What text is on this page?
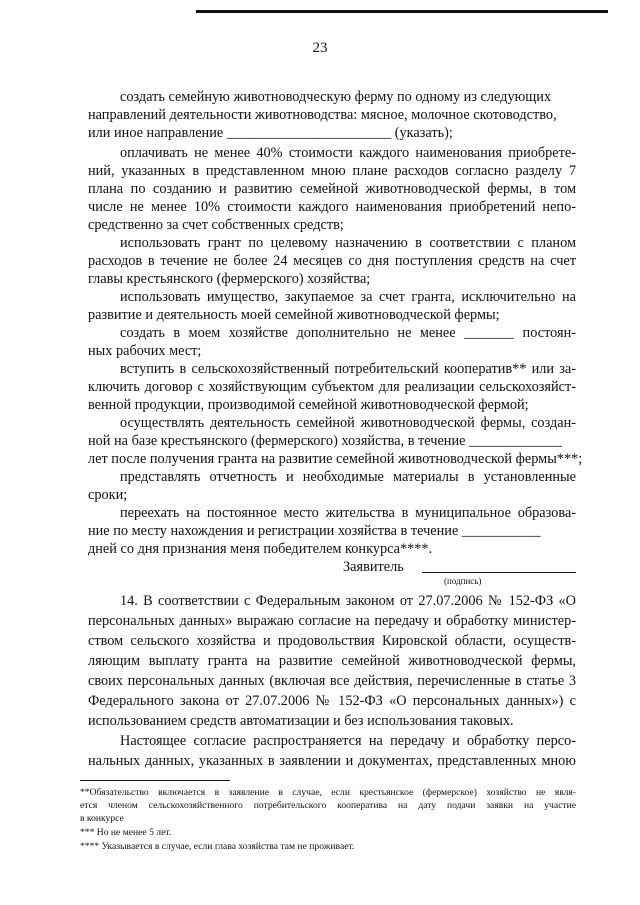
23

создать семейную животноводческую ферму по одному из следующих

направлений деятельности животноводства: мясное, молочное скотоводство,

или иное направление _______________________ (указать);

оплачивать не менее 40% стоимости каждого наименования приобрете-

ний, указанных в представленном мною плане расходов согласно разделу 7

плана по созданию и развитию семейной животноводческой фермы, в том

числе не менее 10% стоимости каждого наименования приобретений непо-

средственно за счет собственных средств;

использовать грант по целевому назначению в соответствии с планом

расходов в течение не более 24 месяцев со дня поступления средств на счет

главы крестьянского (фермерского) хозяйства;

использовать имущество, закупаемое за счет гранта, исключительно на

развитие и деятельность моей семейной животноводческой фермы;

создать в моем хозяйстве дополнительно не менее _______ постоян-

ных рабочих мест;

вступить в сельскохозяйственный потребительский кооператив** или за-

ключить договор с хозяйствующим субъектом для реализации сельскохозяйст-

венной продукции, производимой семейной животноводческой фермой;

осуществлять деятельность семейной животноводческой фермы, создан-

ной на базе крестьянского (фермерского) хозяйства, в течение _____________

лет после получения гранта на развитие семейной животноводческой фермы***;

представлять отчетность и необходимые материалы в установленные

сроки;

переехать на постоянное место жительства в муниципальное образова-

ние по месту нахождения и регистрации хозяйства в течение ___________

дней со дня признания меня победителем конкурса****.

Заявитель
(подпись)

14. В соответствии с Федеральным законом от 27.07.2006 № 152-ФЗ «О

персональных данных» выражаю согласие на передачу и обработку министер-

ством сельского хозяйства и продовольствия Кировской области, осуществ-

ляющим выплату гранта на развитие семейной животноводческой фермы,

своих персональных данных (включая все действия, перечисленные в статье 3

Федерального закона от 27.07.2006 № 152-ФЗ «О персональных данных») с

использованием средств автоматизации и без использования таковых.

Настоящее согласие распространяется на передачу и обработку персо-

нальных данных, указанных в заявлении и документах, представленных мною

**Обязательство включается в заявление в случае, если крестьянское (фермерское) хозяйство не явля-

ется членом сельскохозяйственного потребительского кооператива на дату подачи заявки на участие

в конкурсе

*** Но не менее 5 лет.

**** Указывается в случае, если глава хозяйства там не проживает.
